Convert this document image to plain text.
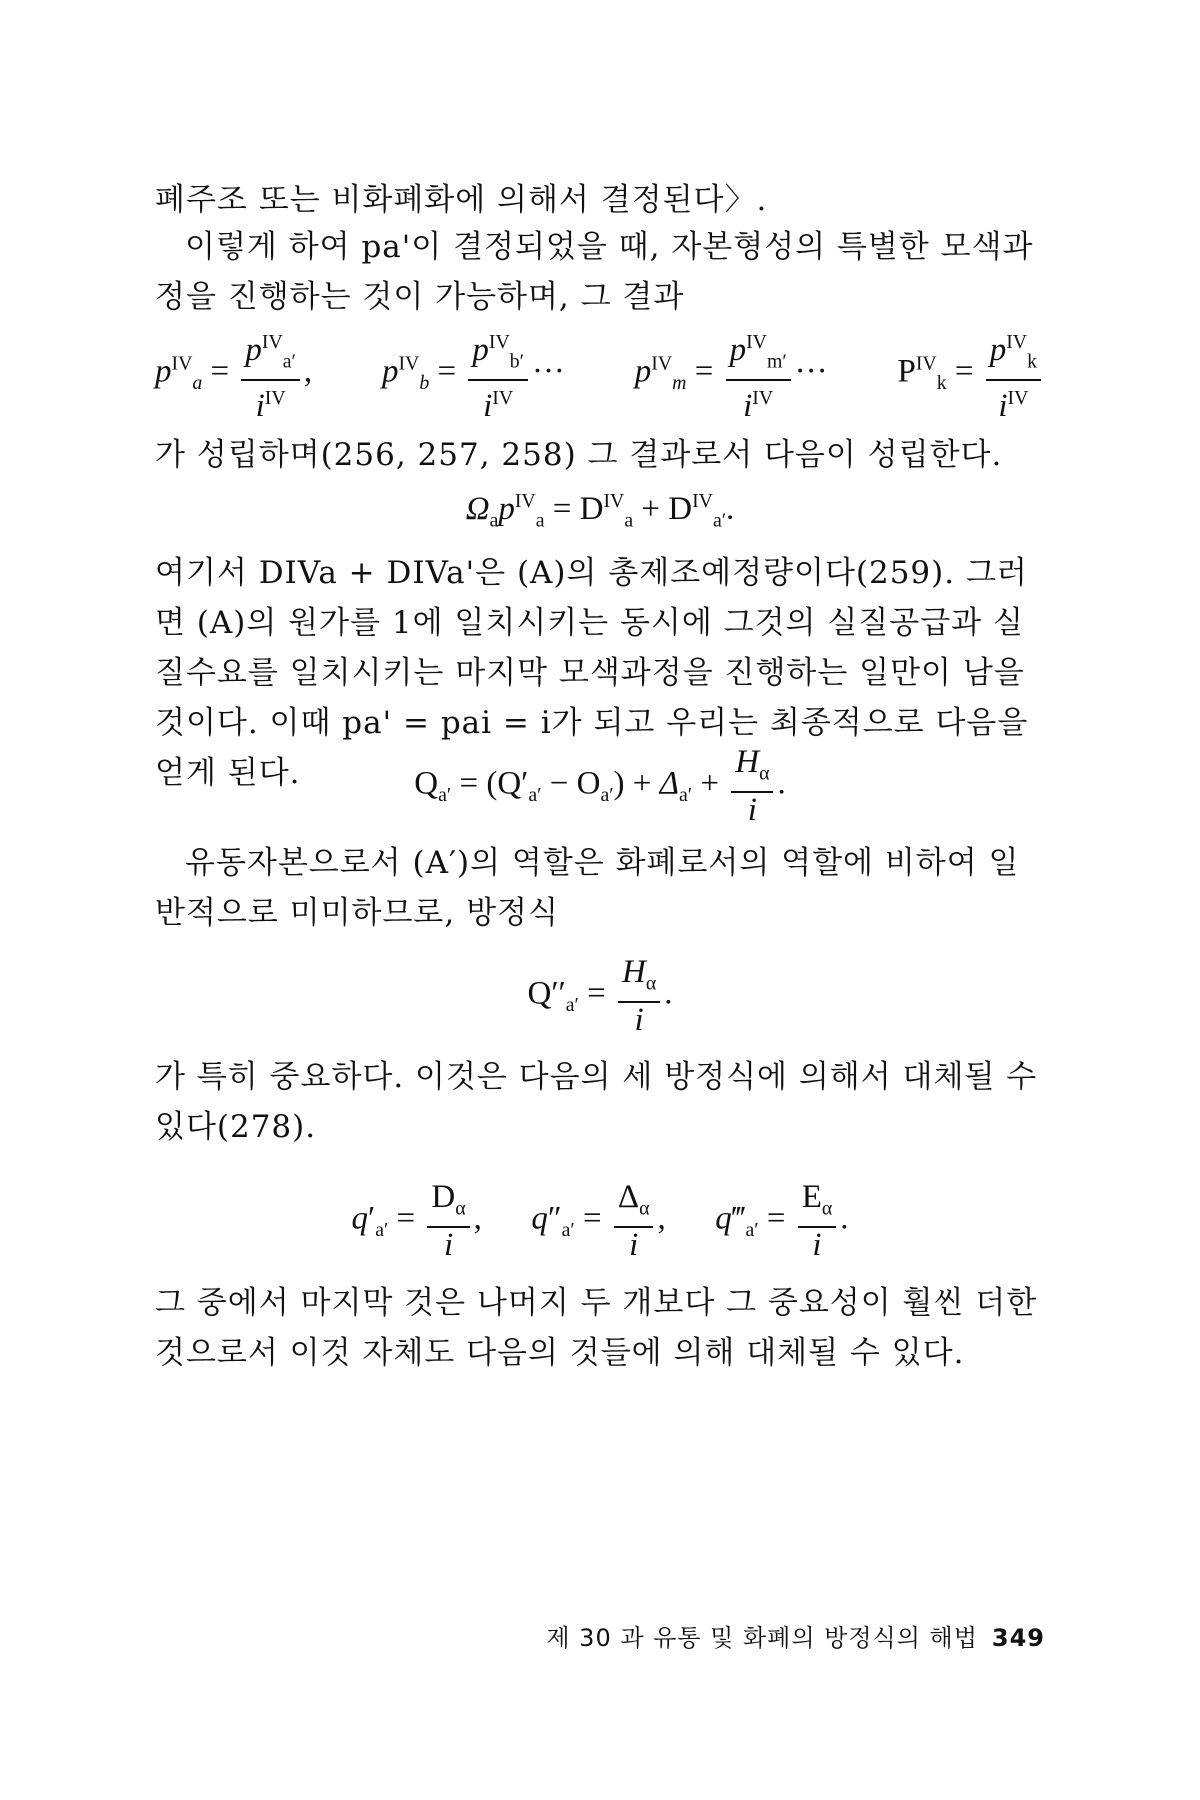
폐주조 또는 비화폐화에 의해서 결정된다〉.

이렇게 하여 pa'이 결정되었을 때, 자본형성의 특별한 모색과정을 진행하는 것이 가능하며, 그 결과

$p^{IV}_a = \frac{p^{IV}_{a'}}{i^{IV}}$ , $p^{IV}_b = \frac{p^{IV}_{b'}}{i^{IV}}$ ··· $p^{IV}_m = \frac{p^{IV}_{m'}}{i^{IV}}$ ··· $P^{IV}_k = \frac{p^{IV}_k}{i^{IV}}$

가 성립하며(256, 257, 258) 그 결과로서 다음이 성립한다.

$\Omega_ap^{IV}_a = D^{IV}_a + D^{IV}_{a'}$.

여기서 DIVa + DIVa'은 (A)의 총제조예정량이다(259). 그러면 (A)의 원가를 1에 일치시키는 동시에 그것의 실질공급과 실질수요를 일치시키는 마지막 모색과정을 진행하는 일만이 남을 것이다. 이때 pa' = pai = i가 되고 우리는 최종적으로 다음을 얻게 된다.	$Q_{a'} = (Q'_{a'} - O_{a'}) + \Delta_{a'} + \frac{H_\alpha}{i}$ .

유동자본으로서 (A′)의 역할은 화폐로서의 역할에 비하여 일반적으로 미미하므로, 방정식

$Q''_{a'} = \frac{H_\alpha}{i}$ .

가 특히 중요하다. 이것은 다음의 세 방정식에 의해서 대체될 수 있다(278).

$q'_{a'} = \frac{D_\alpha}{i}$ ,      $q''_{a'} = \frac{\Delta_\alpha}{i}$ ,      $q‴_{a'} = \frac{E_\alpha}{i}$ .

그 중에서 마지막 것은 나머지 두 개보다 그 중요성이 훨씬 더한 것으로서 이것 자체도 다음의 것들에 의해 대체될 수 있다.

제 30 과 유통 및 화폐의 방정식의 해법 349
